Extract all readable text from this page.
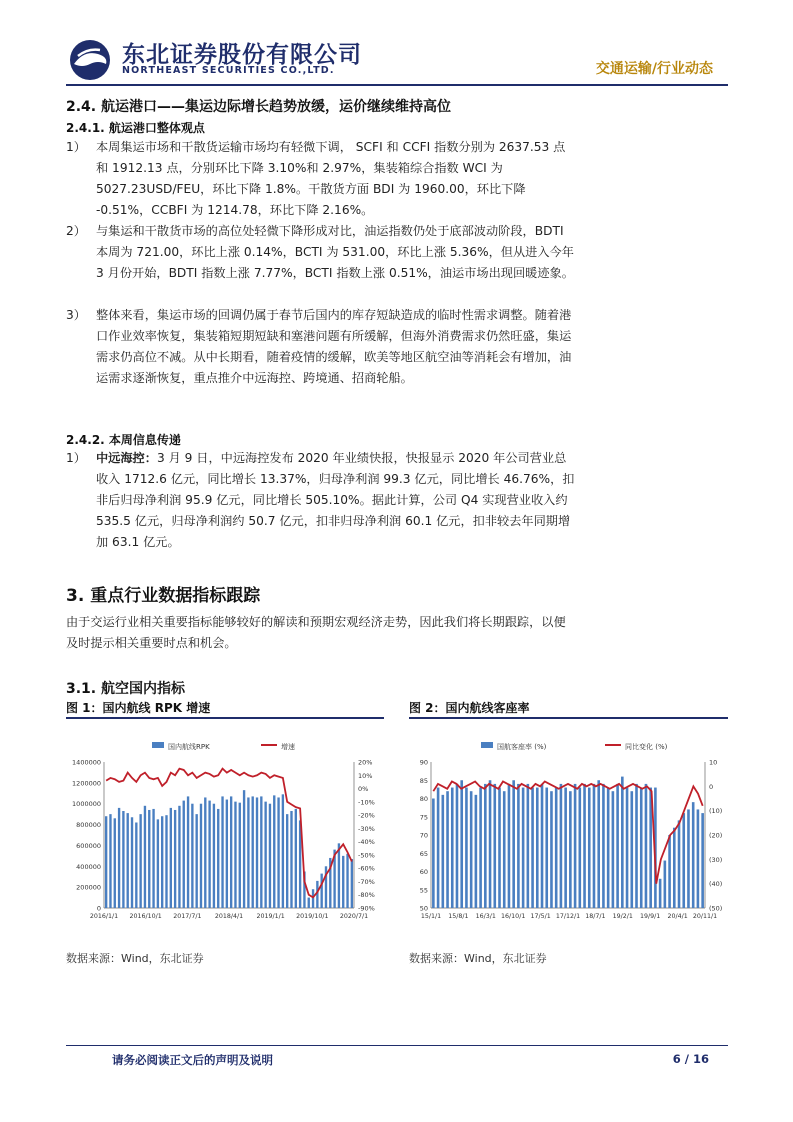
东北证券股份有限公司
NORTHEAST SECURITIES CO.,LTD.	交通运输/行业动态
2.4. 航运港口——集运边际增长趋势放缓，运价继续维持高位
2.4.1. 航运港口整体观点
1） 本周集运市场和干散货运输市场均有轻微下调， SCFI 和 CCFI 指数分别为 2637.53 点和 1912.13 点，分别环比下降 3.10%和 2.97%，集装箱综合指数 WCI 为 5027.23USD/FEU，环比下降 1.8%。干散货方面 BDI 为 1960.00，环比下降 -0.51%，CCBFI 为 1214.78，环比下降 2.16%。
2） 与集运和干散货市场的高位处轻微下降形成对比，油运指数仍处于底部波动阶段，BDTI 本周为 721.00，环比上涨 0.14%，BCTI 为 531.00，环比上涨 5.36%，但从进入今年 3 月份开始，BDTI 指数上涨 7.77%，BCTI 指数上涨 0.51%，油运市场出现回暖迹象。
3） 整体来看，集运市场的回调仍属于春节后国内的库存短缺造成的临时性需求调整。随着港口作业效率恢复，集装箱短期短缺和塞港问题有所缓解，但海外消费需求仍然旺盛，集运需求仍高位不减。从中长期看，随着疫情的缓解，欧美等地区航空油等消耗会有增加，油运需求逐渐恢复，重点推介中远海控、跨境通、招商轮船。
2.4.2. 本周信息传递
1） 中远海控：3 月 9 日，中远海控发布 2020 年业绩快报，快报显示 2020 年公司营业总收入 1712.6 亿元，同比增长 13.37%，归母净利润 99.3 亿元，同比增长 46.76%，扣非后归母净利润 95.9 亿元，同比增长 505.10%。据此计算，公司 Q4 实现营业收入约 535.5 亿元，归母净利润约 50.7 亿元，扣非归母净利润 60.1 亿元，扣非较去年同期增加 63.1 亿元。
3. 重点行业数据指标跟踪
由于交运行业相关重要指标能够较好的解读和预期宏观经济走势，因此我们将长期跟踪，以便及时提示相关重要时点和机会。
3.1. 航空国内指标
图 1：国内航线 RPK 增速	图 2：国内航线客座率
国内航线RPK	增速
0
200000
400000
600000
800000
1000000
1200000
1400000	20%
10%
0%
-10%
-20%
-30%
-40%
-50%
-60%
-70%
-80%
-90%
2016/1/1 2016/10/1 2017/7/1 2018/4/1 2019/1/1 2019/10/1 2020/7/1
国航客座率 (%)	同比变化 (%)
50
55
60
65
70
75
80
85
90	10
0
(10)
(20)
(30)
(40)
(50)
15/1/1 15/8/1 16/3/1 16/10/1 17/5/1 17/12/1 18/7/1 19/2/1 19/9/1 20/4/1 20/11/1
数据来源：Wind，东北证券	数据来源：Wind，东北证券
请务必阅读正文后的声明及说明	6 / 16
